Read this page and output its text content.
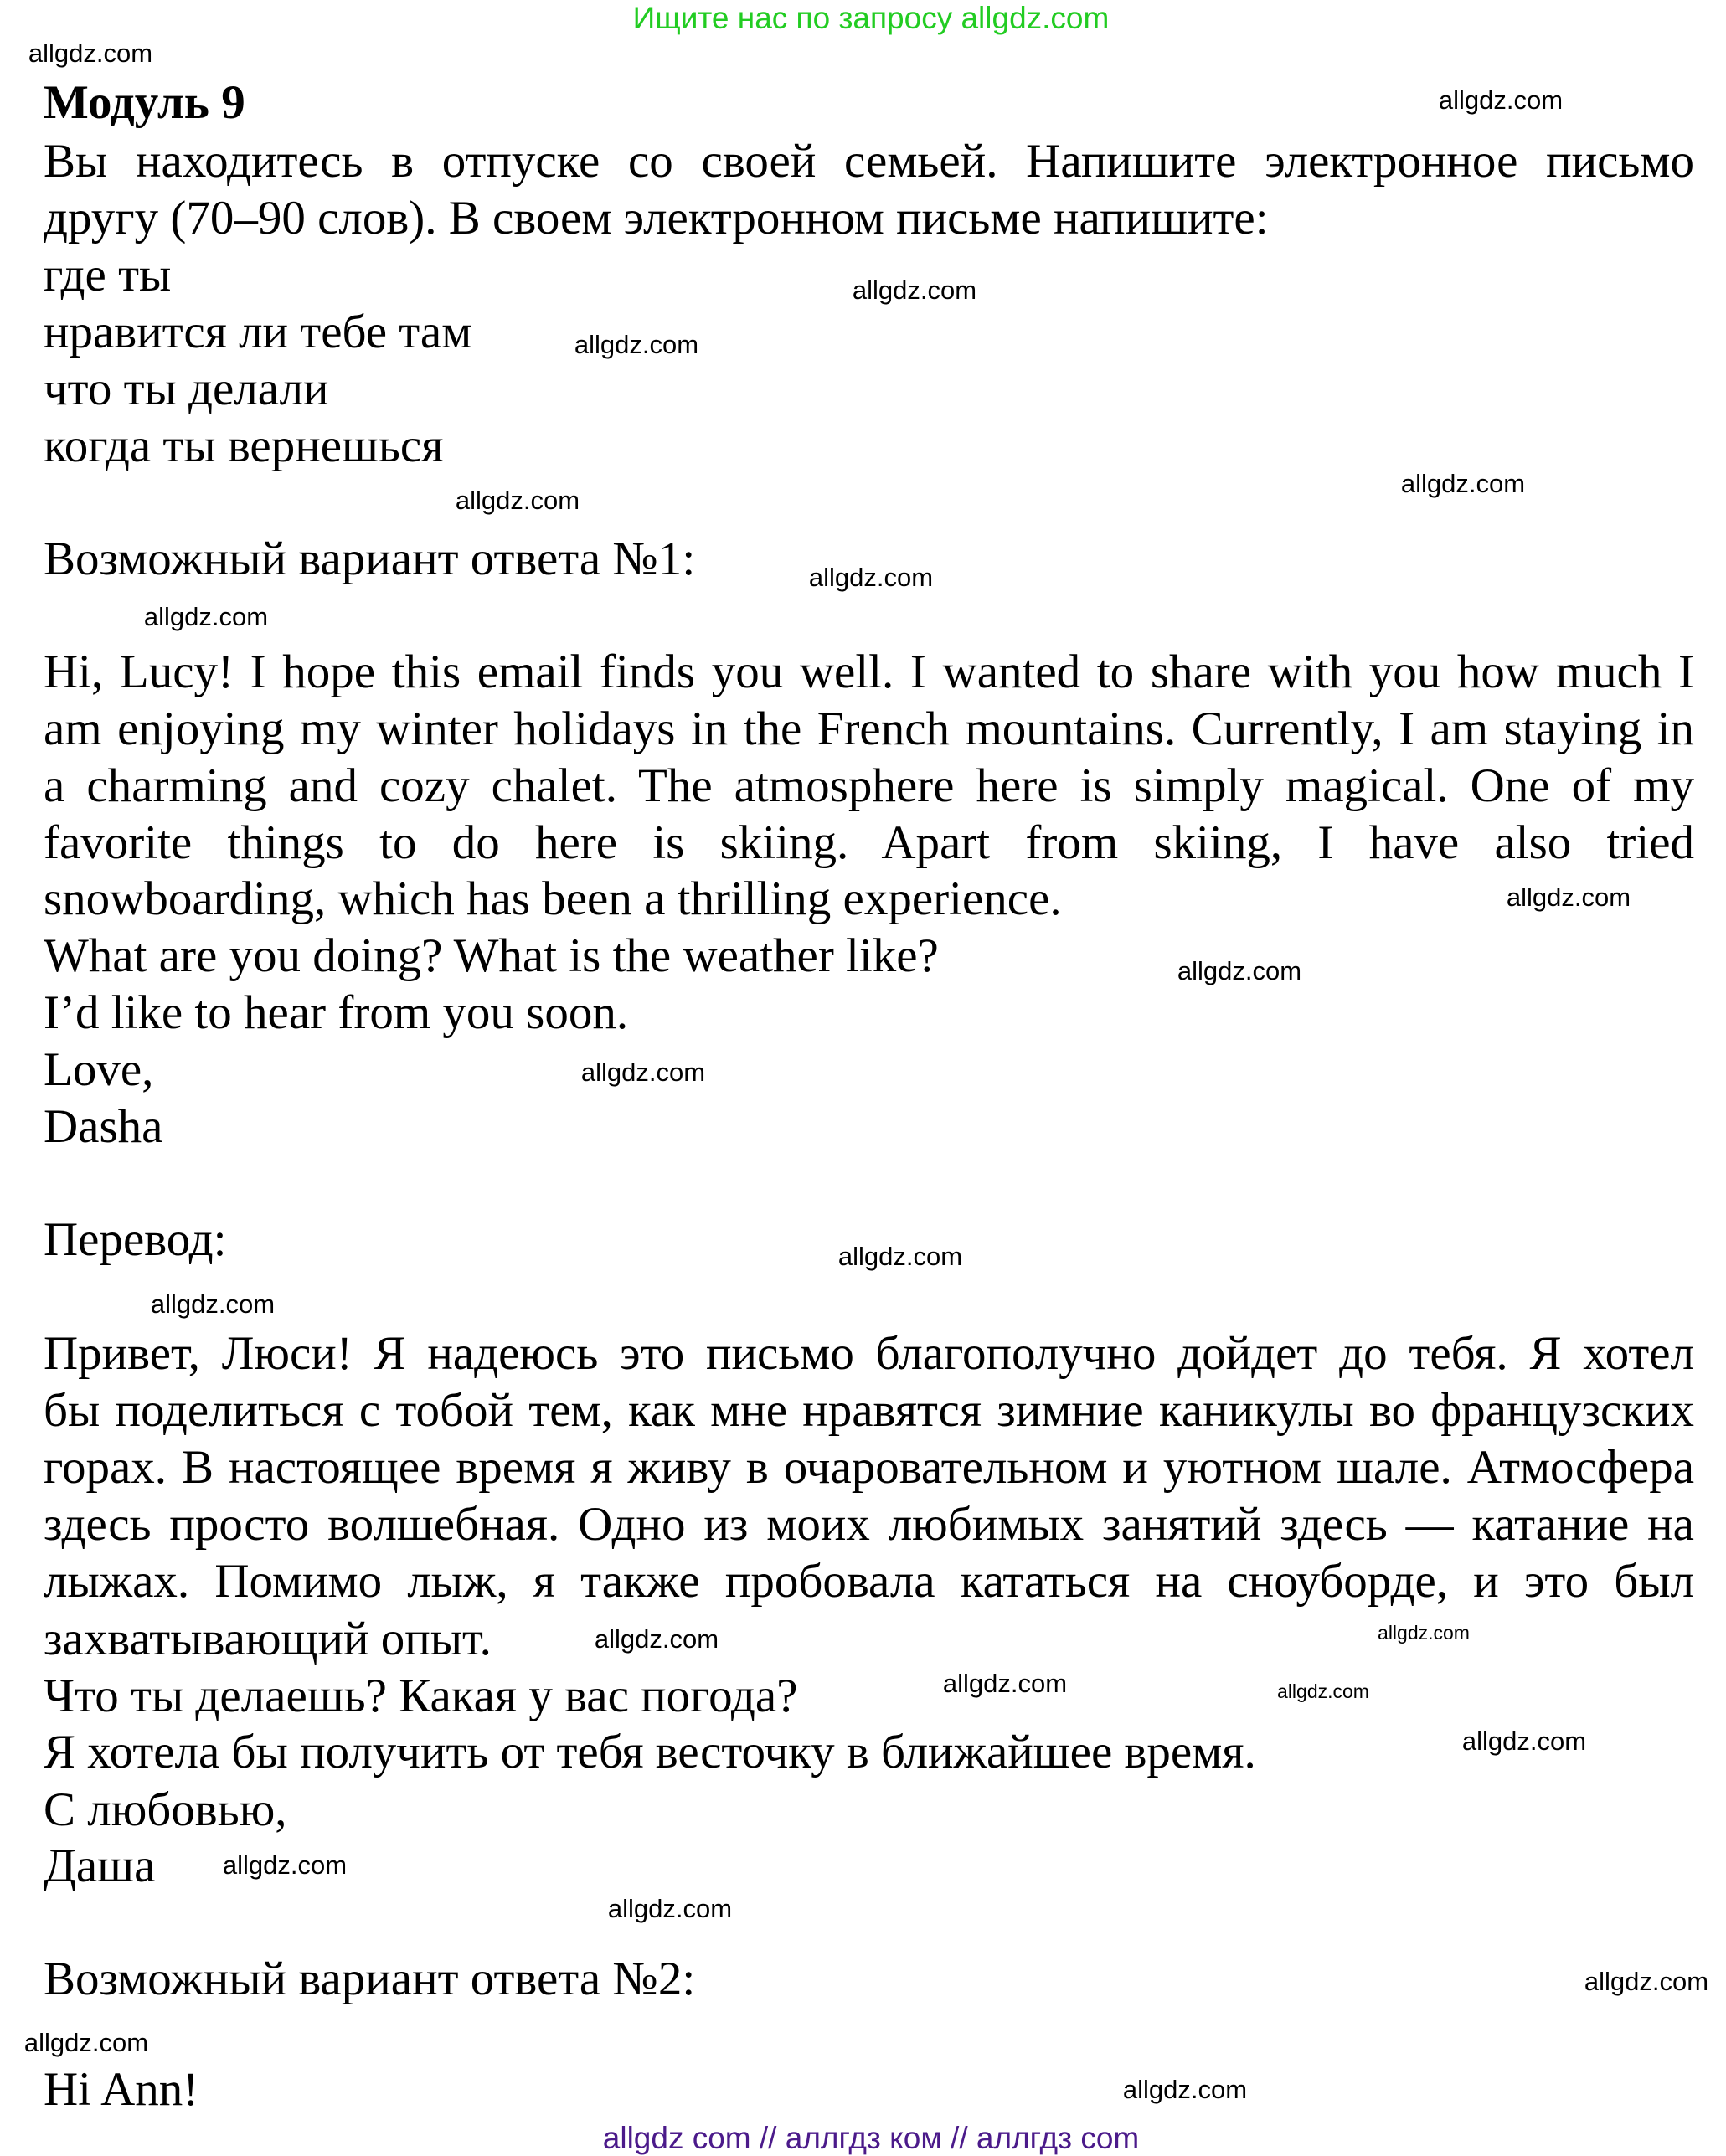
Ищите нас по запросу allgdz.com
Модуль 9
Вы находитесь в отпуске со своей семьей. Напишите электронное письмо
другу (70–90 слов). В своем электронном письме напишите:
где ты
нравится ли тебе там
что ты делали
когда ты вернешься
Возможный вариант ответа №1:
Hi, Lucy! I hope this email finds you well. I wanted to share with you how much I
am enjoying my winter holidays in the French mountains. Currently, I am staying in
a charming and cozy chalet. The atmosphere here is simply magical. One of my
favorite things to do here is skiing. Apart from skiing, I have also tried
snowboarding, which has been a thrilling experience.
What are you doing? What is the weather like?
I’d like to hear from you soon.
Love,
Dasha
Перевод:
Привет, Люси! Я надеюсь это письмо благополучно дойдет до тебя. Я хотел
бы поделиться с тобой тем, как мне нравятся зимние каникулы во французских
горах. В настоящее время я живу в очаровательном и уютном шале. Атмосфера
здесь просто волшебная. Одно из моих любимых занятий здесь — катание на
лыжах. Помимо лыж, я также пробовала кататься на сноуборде, и это был
захватывающий опыт.
Что ты делаешь? Какая у вас погода?
Я хотела бы получить от тебя весточку в ближайшее время.
С любовью,
Даша
Возможный вариант ответа №2:
Hi Ann!
allgdz.com
allgdz.com
allgdz.com
allgdz.com
allgdz.com
allgdz.com
allgdz.com
allgdz.com
allgdz.com
allgdz.com
allgdz.com
allgdz.com
allgdz.com
allgdz.com
allgdz.com
allgdz.com
allgdz.com
allgdz.com
allgdz.com
allgdz.com
allgdz.com
allgdz.com
allgdz.com
allgdz com // аллгдз ком // аллгдз com
